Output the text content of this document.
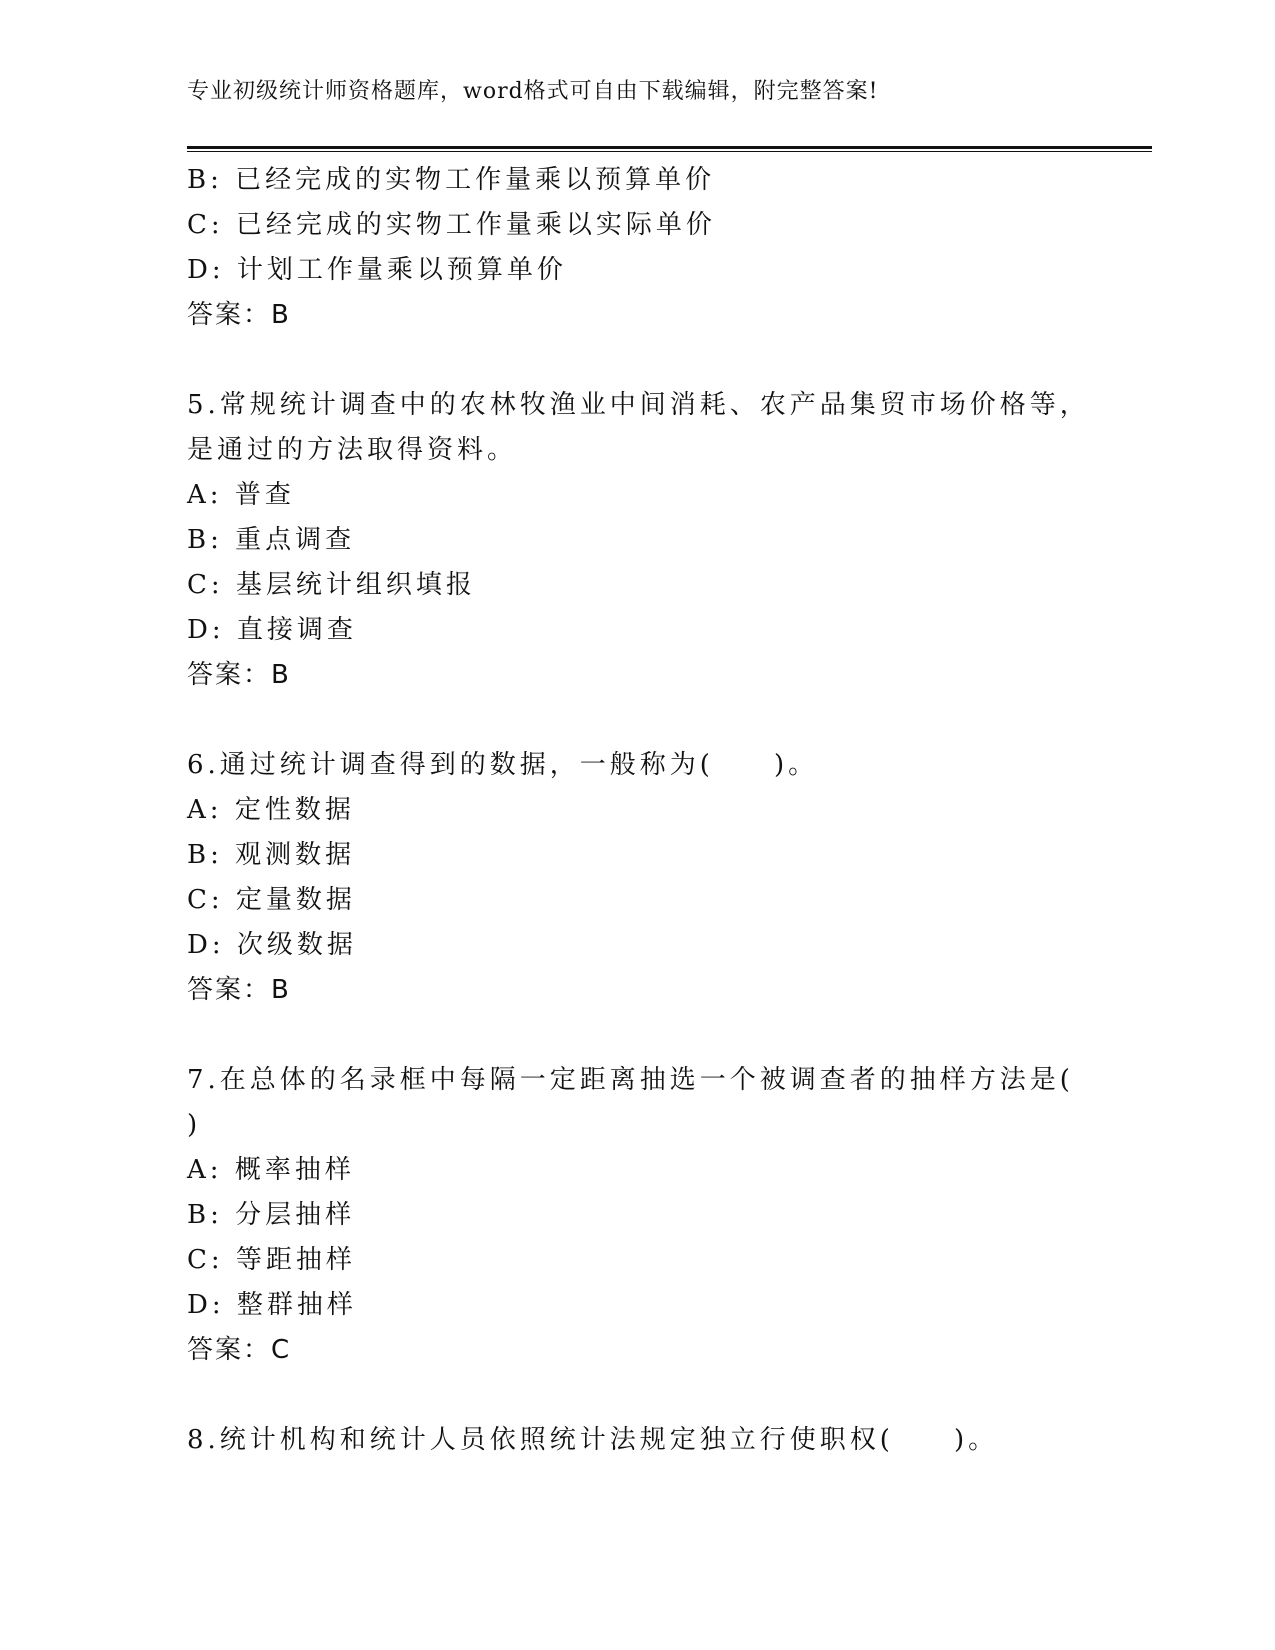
专业初级统计师资格题库，word格式可自由下载编辑，附完整答案!
B: 已经完成的实物工作量乘以预算单价
C: 已经完成的实物工作量乘以实际单价
D: 计划工作量乘以预算单价
答案：B
5.常规统计调查中的农林牧渔业中间消耗、农产品集贸市场价格等，
是通过的方法取得资料。
A: 普查
B: 重点调查
C: 基层统计组织填报
D: 直接调查
答案：B
6.通过统计调查得到的数据，一般称为(　　)。
A: 定性数据
B: 观测数据
C: 定量数据
D: 次级数据
答案：B
7.在总体的名录框中每隔一定距离抽选一个被调查者的抽样方法是(
)
A: 概率抽样
B: 分层抽样
C: 等距抽样
D: 整群抽样
答案：C
8.统计机构和统计人员依照统计法规定独立行使职权(　　)。
